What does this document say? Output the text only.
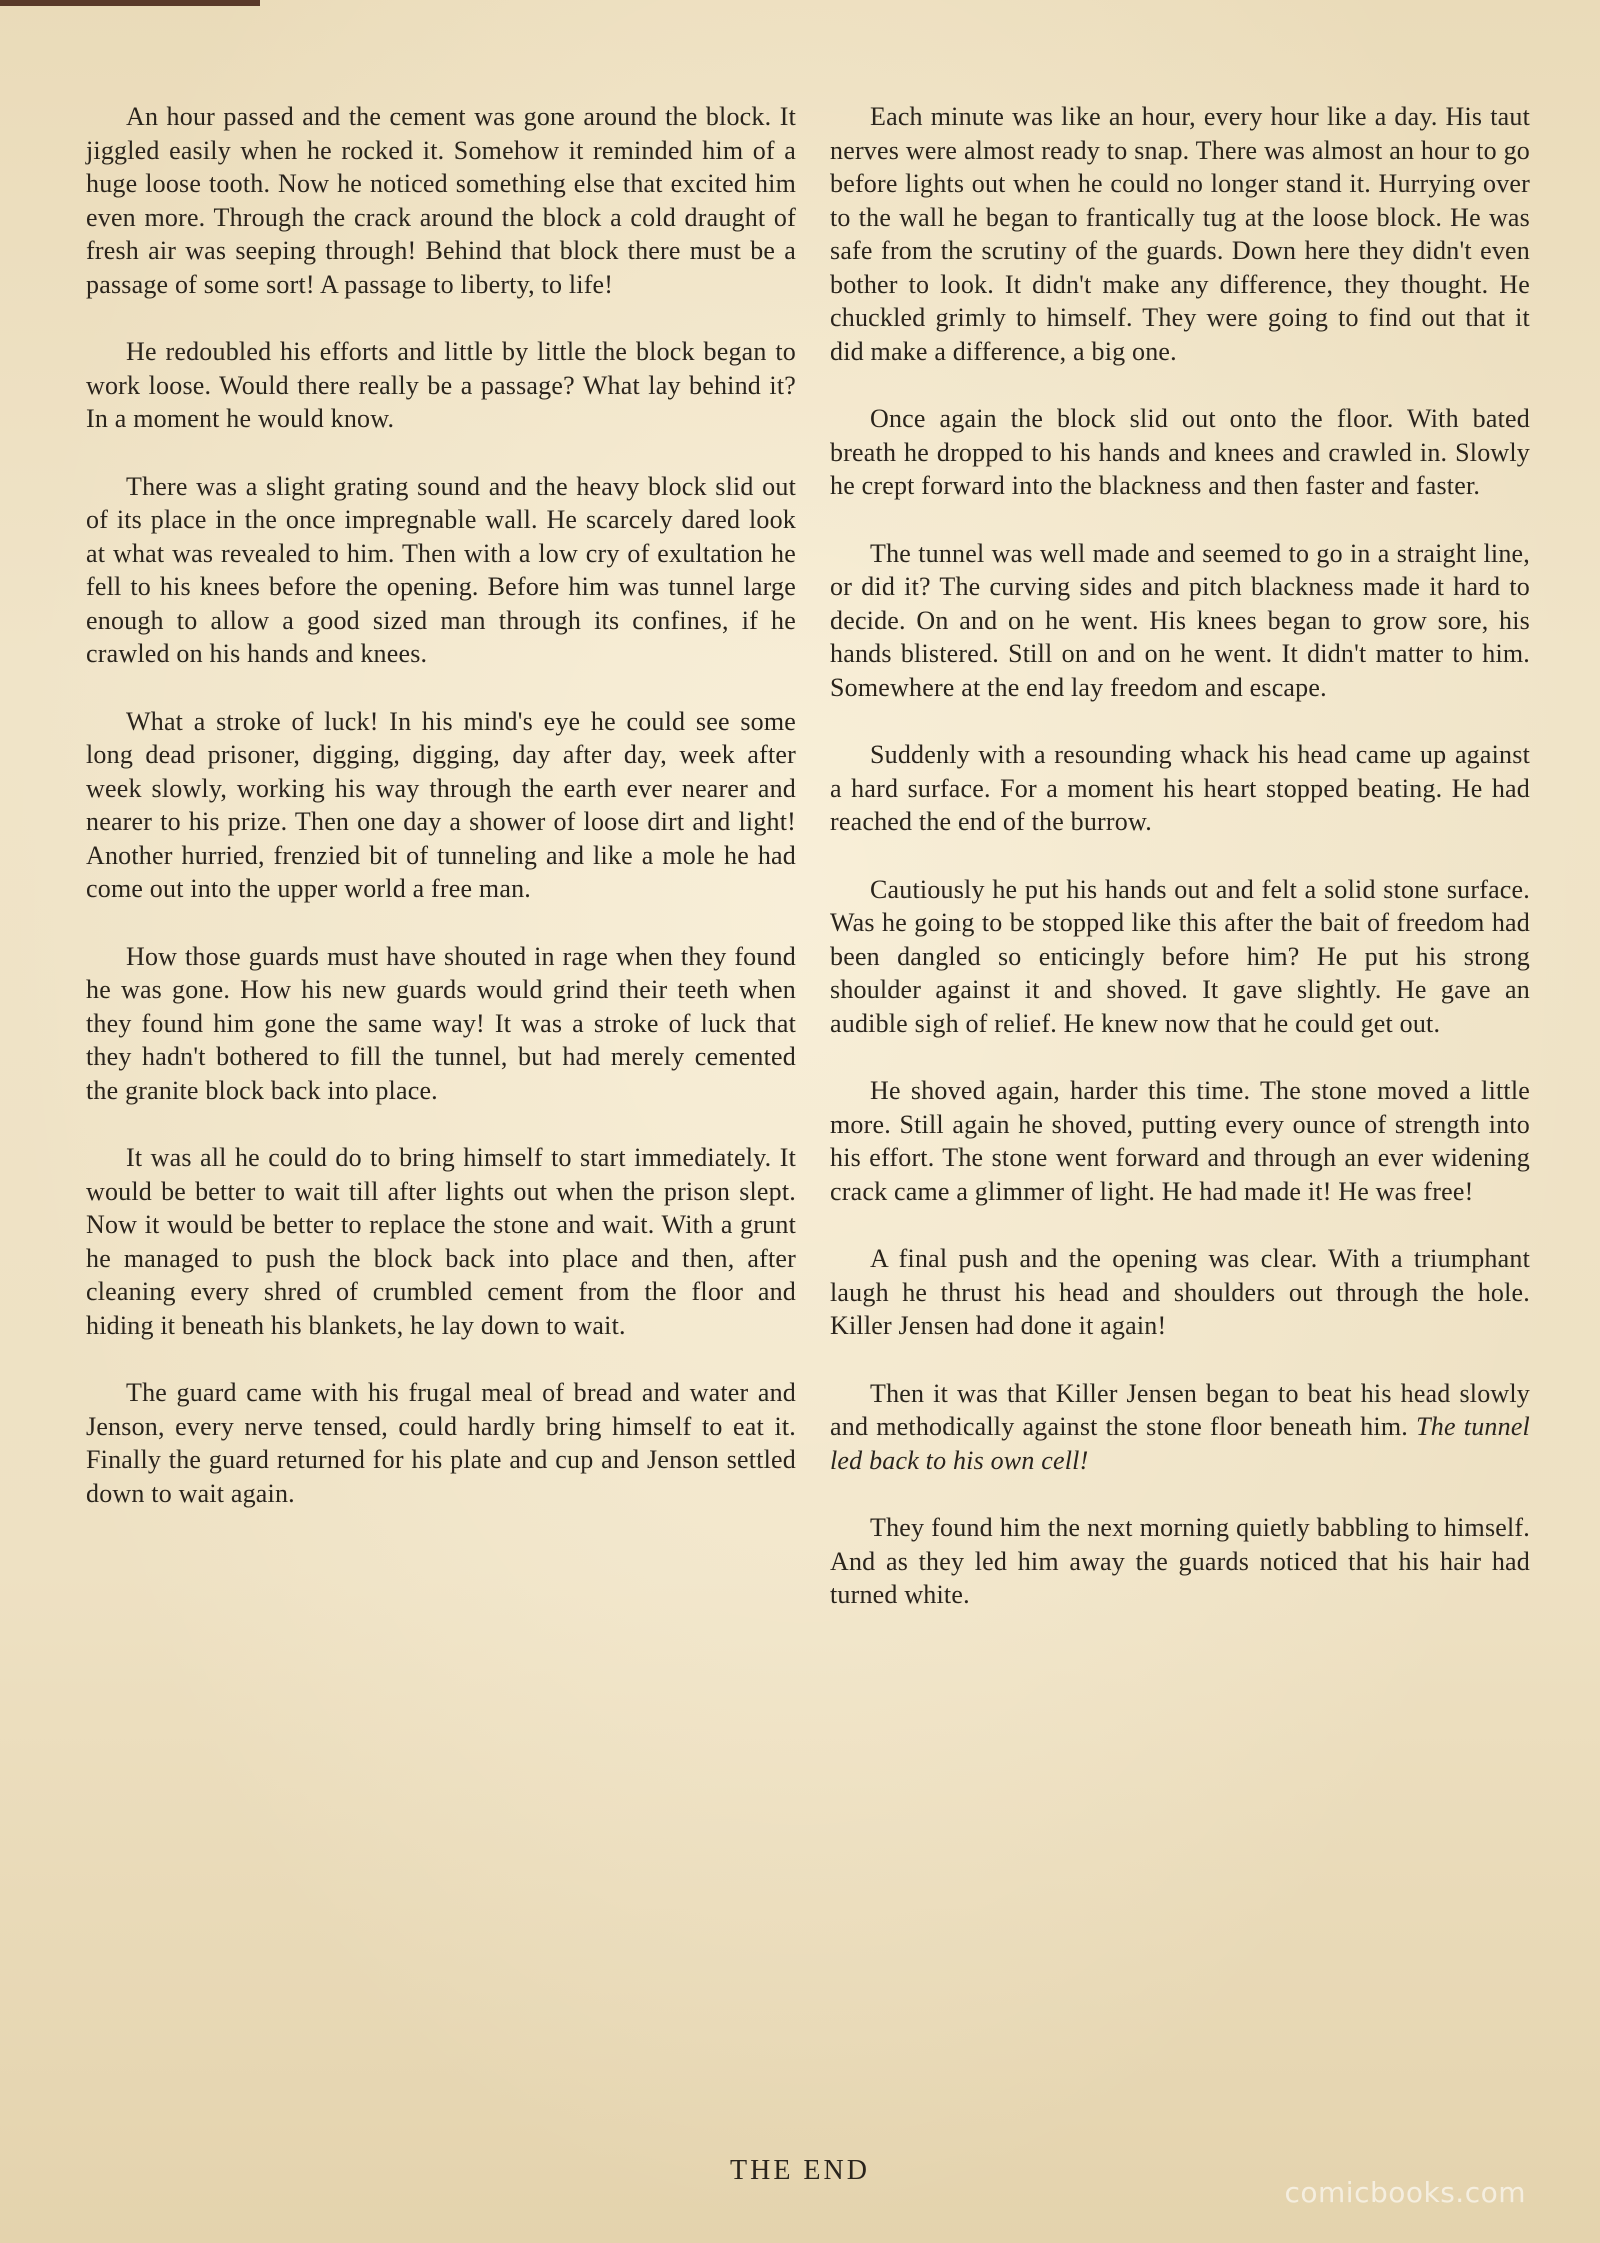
An hour passed and the cement was gone around the block. It jiggled easily when he rocked it. Somehow it reminded him of a huge loose tooth. Now he noticed something else that excited him even more. Through the crack around the block a cold draught of fresh air was seeping through! Behind that block there must be a passage of some sort! A passage to liberty, to life!

He redoubled his efforts and little by little the block began to work loose. Would there really be a passage? What lay behind it? In a moment he would know.

There was a slight grating sound and the heavy block slid out of its place in the once impregnable wall. He scarcely dared look at what was revealed to him. Then with a low cry of exultation he fell to his knees before the opening. Before him was tunnel large enough to allow a good sized man through its confines, if he crawled on his hands and knees.

What a stroke of luck! In his mind's eye he could see some long dead prisoner, digging, digging, day after day, week after week slowly, working his way through the earth ever nearer and nearer to his prize. Then one day a shower of loose dirt and light! Another hurried, frenzied bit of tunneling and like a mole he had come out into the upper world a free man.

How those guards must have shouted in rage when they found he was gone. How his new guards would grind their teeth when they found him gone the same way! It was a stroke of luck that they hadn't bothered to fill the tunnel, but had merely cemented the granite block back into place.

It was all he could do to bring himself to start immediately. It would be better to wait till after lights out when the prison slept. Now it would be better to replace the stone and wait. With a grunt he managed to push the block back into place and then, after cleaning every shred of crumbled cement from the floor and hiding it beneath his blankets, he lay down to wait.

The guard came with his frugal meal of bread and water and Jenson, every nerve tensed, could hardly bring himself to eat it. Finally the guard returned for his plate and cup and Jenson settled down to wait again.

Each minute was like an hour, every hour like a day. His taut nerves were almost ready to snap. There was almost an hour to go before lights out when he could no longer stand it. Hurrying over to the wall he began to frantically tug at the loose block. He was safe from the scrutiny of the guards. Down here they didn't even bother to look. It didn't make any difference, they thought. He chuckled grimly to himself. They were going to find out that it did make a difference, a big one.

Once again the block slid out onto the floor. With bated breath he dropped to his hands and knees and crawled in. Slowly he crept forward into the blackness and then faster and faster.

The tunnel was well made and seemed to go in a straight line, or did it? The curving sides and pitch blackness made it hard to decide. On and on he went. His knees began to grow sore, his hands blistered. Still on and on he went. It didn't matter to him. Somewhere at the end lay freedom and escape.

Suddenly with a resounding whack his head came up against a hard surface. For a moment his heart stopped beating. He had reached the end of the burrow.

Cautiously he put his hands out and felt a solid stone surface. Was he going to be stopped like this after the bait of freedom had been dangled so enticingly before him? He put his strong shoulder against it and shoved. It gave slightly. He gave an audible sigh of relief. He knew now that he could get out.

He shoved again, harder this time. The stone moved a little more. Still again he shoved, putting every ounce of strength into his effort. The stone went forward and through an ever widening crack came a glimmer of light. He had made it! He was free!

A final push and the opening was clear. With a triumphant laugh he thrust his head and shoulders out through the hole. Killer Jensen had done it again!

Then it was that Killer Jensen began to beat his head slowly and methodically against the stone floor beneath him. The tunnel led back to his own cell!

They found him the next morning quietly babbling to himself. And as they led him away the guards noticed that his hair had turned white.

THE END
comicbooks.com
